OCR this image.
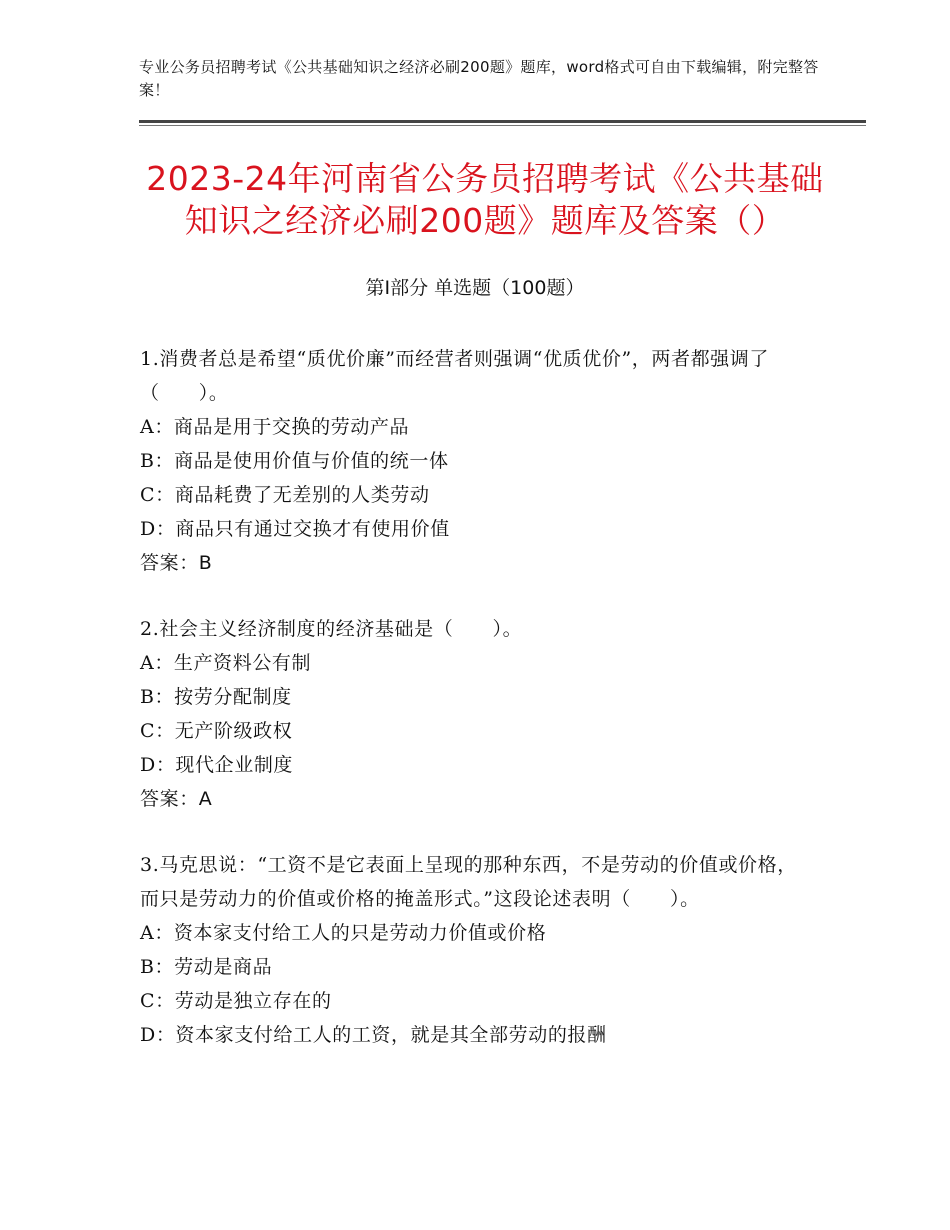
专业公务员招聘考试《公共基础知识之经济必刷200题》题库，word格式可自由下载编辑，附完整答案！
2023-24年河南省公务员招聘考试《公共基础知识之经济必刷200题》题库及答案（）
第Ⅰ部分 单选题（100题）

1.消费者总是希望“质优价廉”而经营者则强调“优质优价”，两者都强调了（　　）。

A：商品是用于交换的劳动产品

B：商品是使用价值与价值的统一体

C：商品耗费了无差别的人类劳动

D：商品只有通过交换才有使用价值

答案：B

2.社会主义经济制度的经济基础是（　　）。

A：生产资料公有制

B：按劳分配制度

C：无产阶级政权

D：现代企业制度

答案：A

3.马克思说：“工资不是它表面上呈现的那种东西，不是劳动的价值或价格，而只是劳动力的价值或价格的掩盖形式。”这段论述表明（　　）。

A：资本家支付给工人的只是劳动力价值或价格

B：劳动是商品

C：劳动是独立存在的

D：资本家支付给工人的工资，就是其全部劳动的报酬
